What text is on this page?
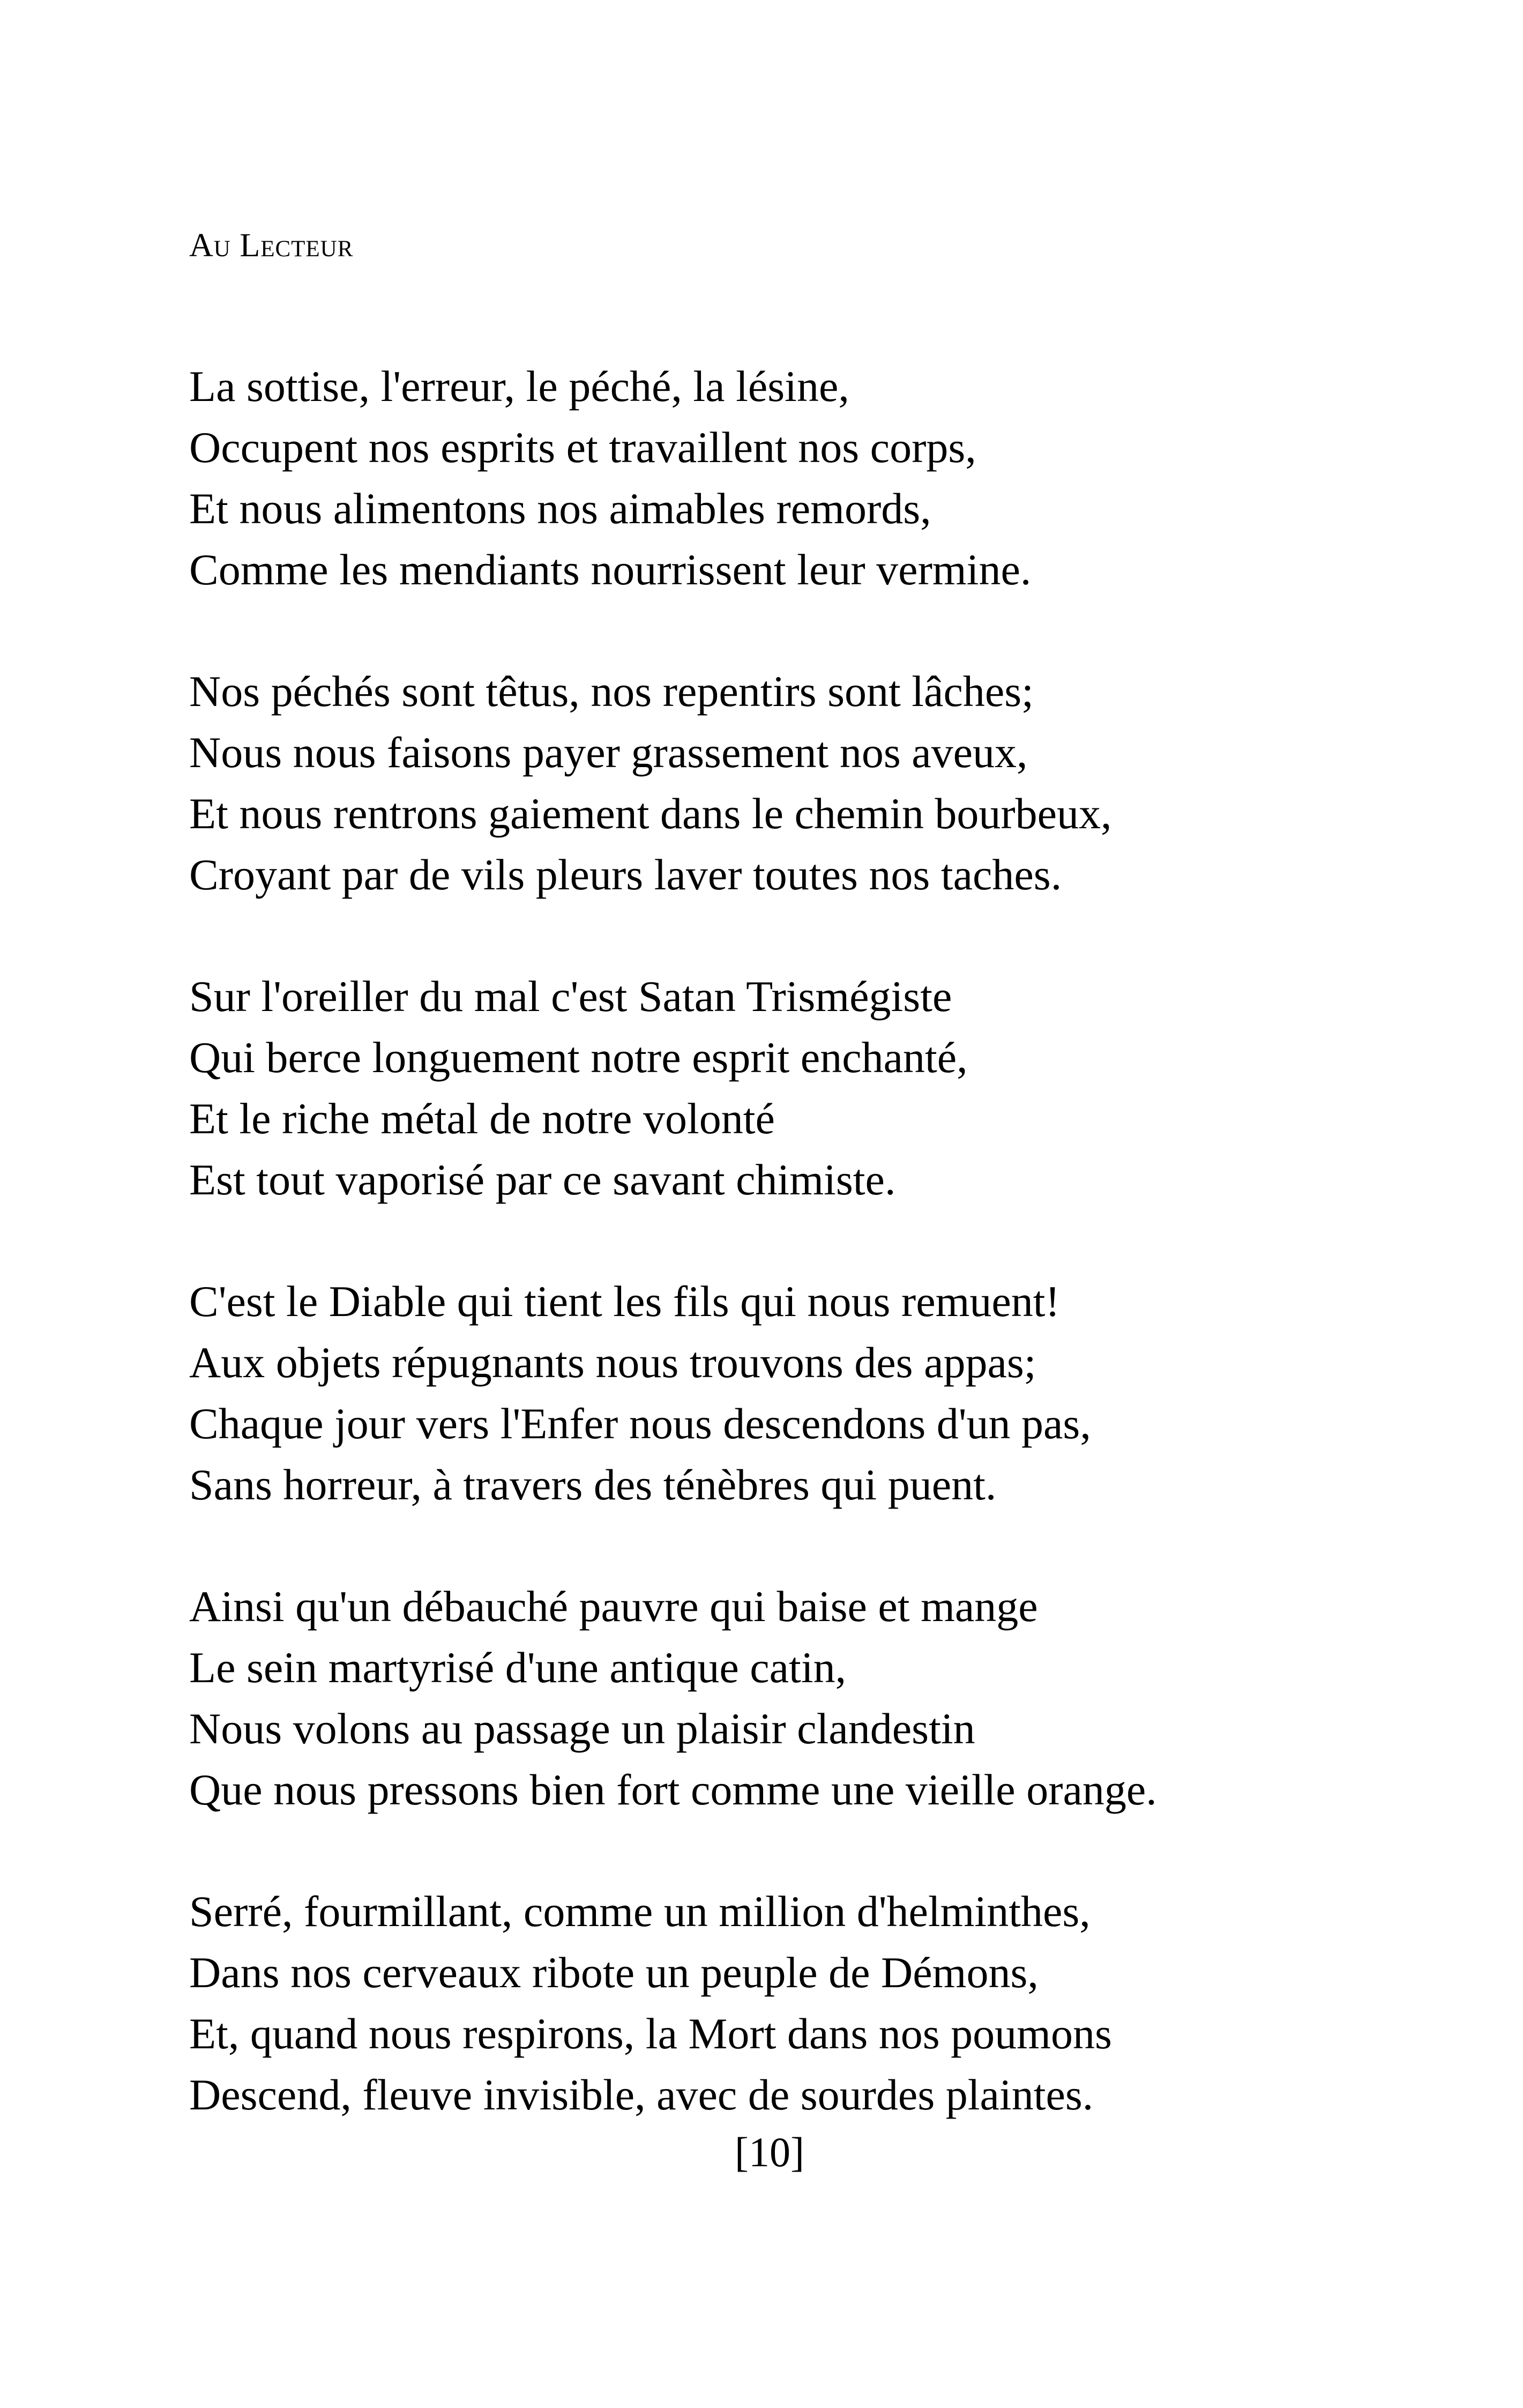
Au Lecteur
La sottise, l'erreur, le péché, la lésine,
Occupent nos esprits et travaillent nos corps,
Et nous alimentons nos aimables remords,
Comme les mendiants nourrissent leur vermine.
Nos péchés sont têtus, nos repentirs sont lâches;
Nous nous faisons payer grassement nos aveux,
Et nous rentrons gaiement dans le chemin bourbeux,
Croyant par de vils pleurs laver toutes nos taches.
Sur l'oreiller du mal c'est Satan Trismégiste
Qui berce longuement notre esprit enchanté,
Et le riche métal de notre volonté
Est tout vaporisé par ce savant chimiste.
C'est le Diable qui tient les fils qui nous remuent!
Aux objets répugnants nous trouvons des appas;
Chaque jour vers l'Enfer nous descendons d'un pas,
Sans horreur, à travers des ténèbres qui puent.
Ainsi qu'un débauché pauvre qui baise et mange
Le sein martyrisé d'une antique catin,
Nous volons au passage un plaisir clandestin
Que nous pressons bien fort comme une vieille orange.
Serré, fourmillant, comme un million d'helminthes,
Dans nos cerveaux ribote un peuple de Démons,
Et, quand nous respirons, la Mort dans nos poumons
Descend, fleuve invisible, avec de sourdes plaintes.
[10]
